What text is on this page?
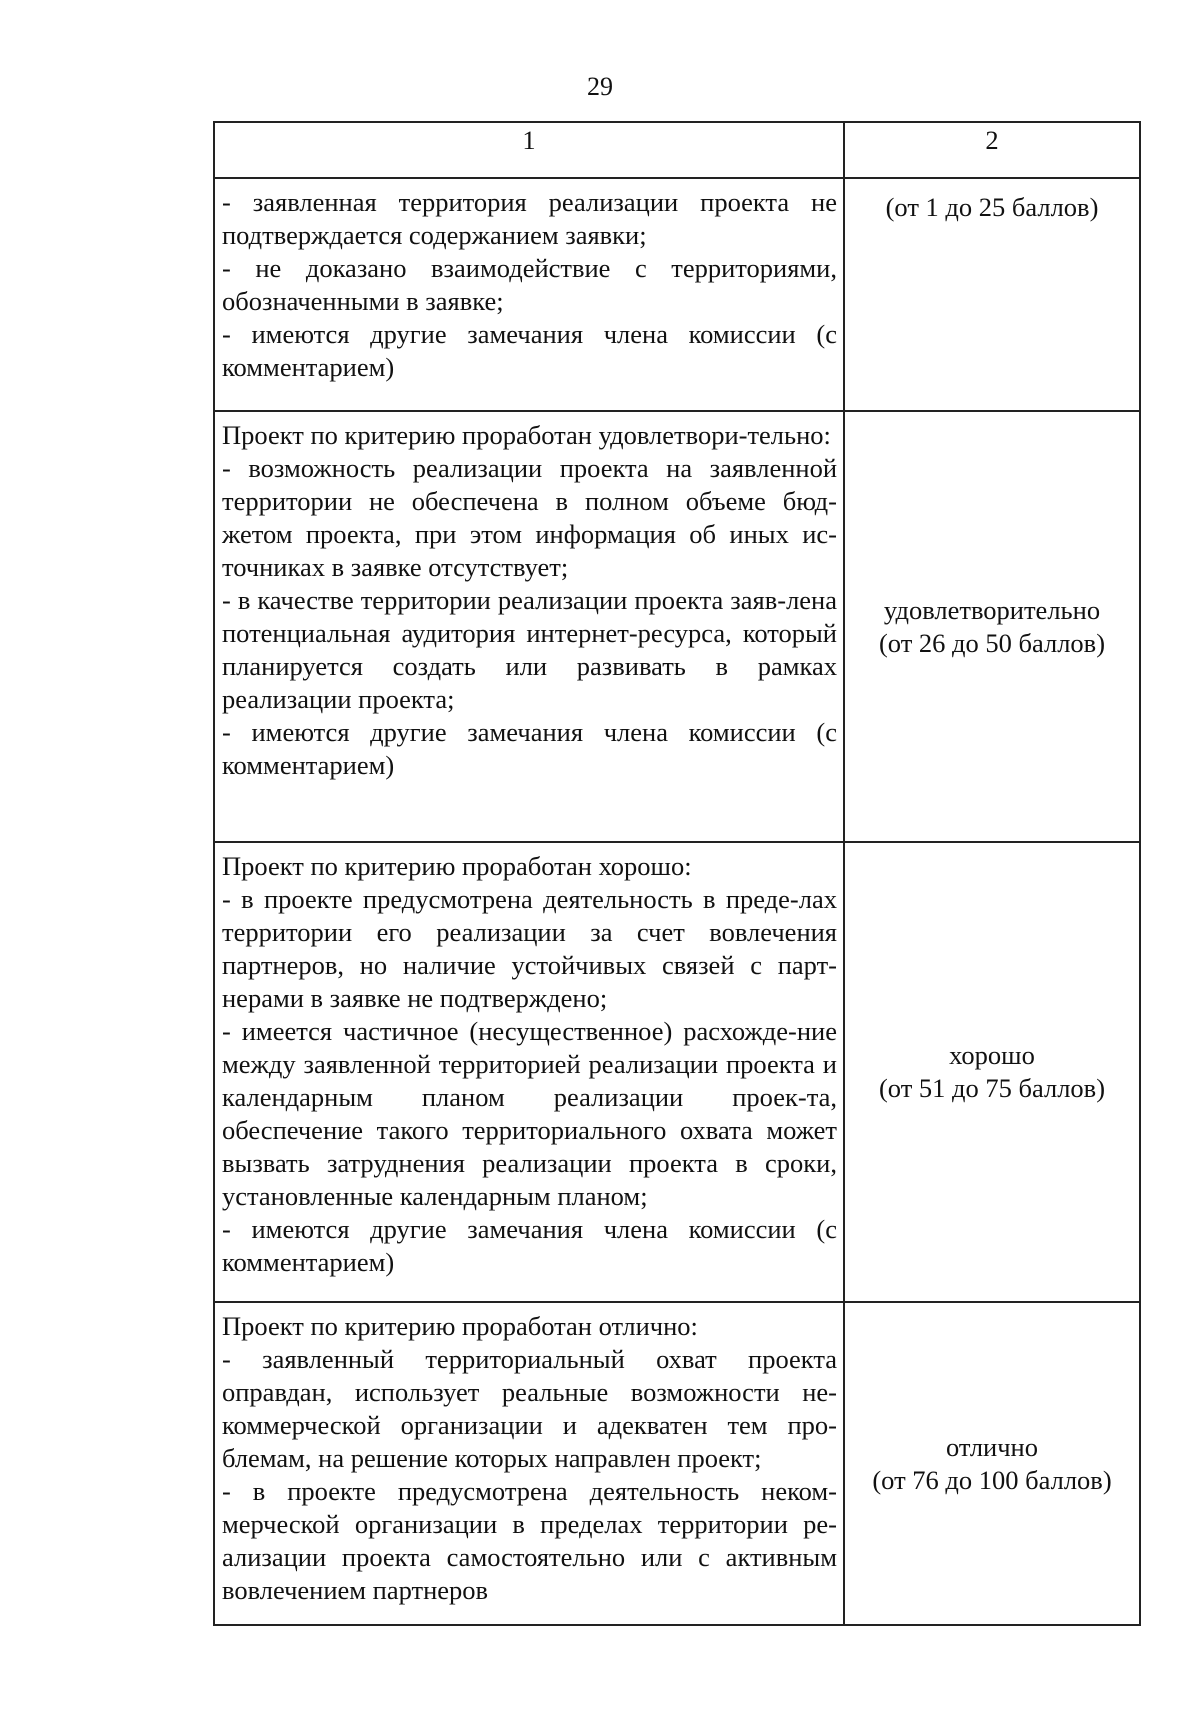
29
1	2

- заявленная территория реализации проекта не подтверждается содержанием заявки;
- не доказано взаимодействие с территориями, обозначенными в заявке;
- имеются другие замечания члена комиссии (с комментарием)	(от 1 до 25 баллов)

Проект по критерию проработан удовлетвори-тельно:
- возможность реализации проекта на заявленной территории не обеспечена в полном объеме бюд-жетом проекта, при этом информация об иных ис-точниках в заявке отсутствует;
- в качестве территории реализации проекта заяв-лена потенциальная аудитория интернет-ресурса, который планируется создать или развивать в рамках реализации проекта;
- имеются другие замечания члена комиссии (с комментарием)	удовлетворительно
(от 26 до 50 баллов)

Проект по критерию проработан хорошо:
- в проекте предусмотрена деятельность в преде-лах территории его реализации за счет вовлечения партнеров, но наличие устойчивых связей с парт-нерами в заявке не подтверждено;
- имеется частичное (несущественное) расхожде-ние между заявленной территорией реализации проекта и календарным планом реализации проек-та, обеспечение такого территориального охвата может вызвать затруднения реализации проекта в сроки, установленные календарным планом;
- имеются другие замечания члена комиссии (с комментарием)	хорошо
(от 51 до 75 баллов)

Проект по критерию проработан отлично:
- заявленный территориальный охват проекта оправдан, использует реальные возможности не-коммерческой организации и адекватен тем про-блемам, на решение которых направлен проект;
- в проекте предусмотрена деятельность неком-мерческой организации в пределах территории ре-ализации проекта самостоятельно или с активным вовлечением партнеров	отлично
(от 76 до 100 баллов)
